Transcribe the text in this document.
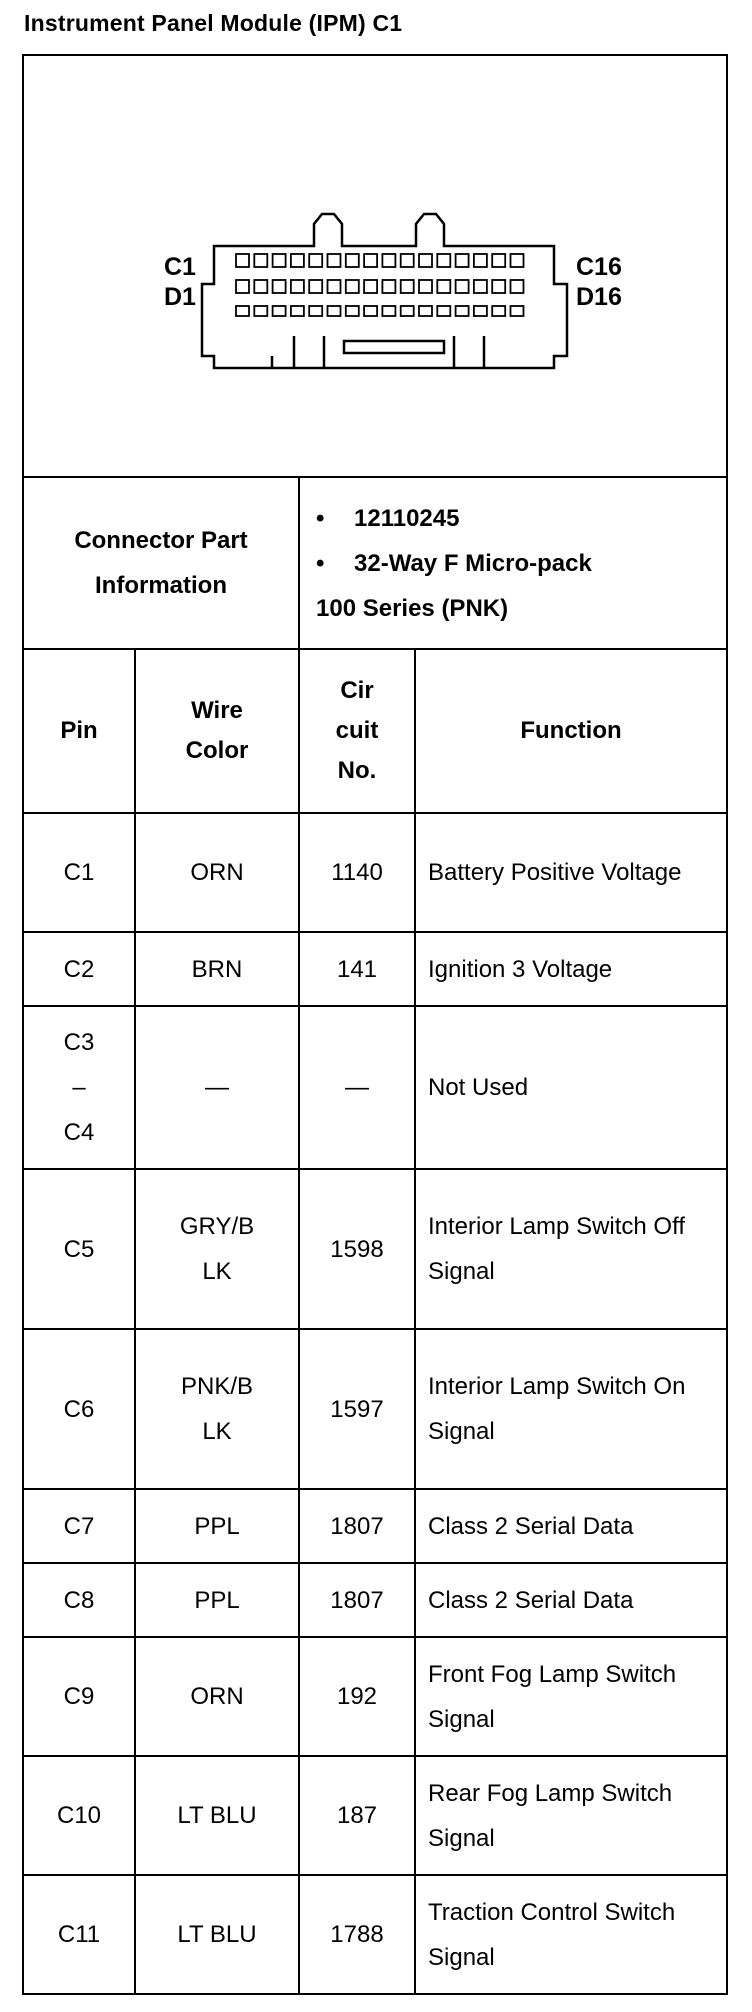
Instrument Panel Module (IPM) C1
C1
D1
C16
D16			

Connector Part Information		• 12110245
• 32-Way F Micro-pack
100 Series (PNK)	

Pin	Wire Color	Cir cuit No.	Function

C1	ORN	1140	Battery Positive Voltage
C2	BRN	141	Ignition 3 Voltage

C3 –C4	—	—	Not Used
C5	GRY/B LK	1598	Interior Lamp Switch Off Signal
C6	PNK/B LK	1597	Interior Lamp Switch On Signal
C7	PPL	1807	Class 2 Serial Data
C8	PPL	1807	Class 2 Serial Data
C9	ORN	192	Front Fog Lamp Switch Signal
C10	LT BLU	187	Rear Fog Lamp Switch Signal
C11	LT BLU	1788	Traction Control Switch Signal
